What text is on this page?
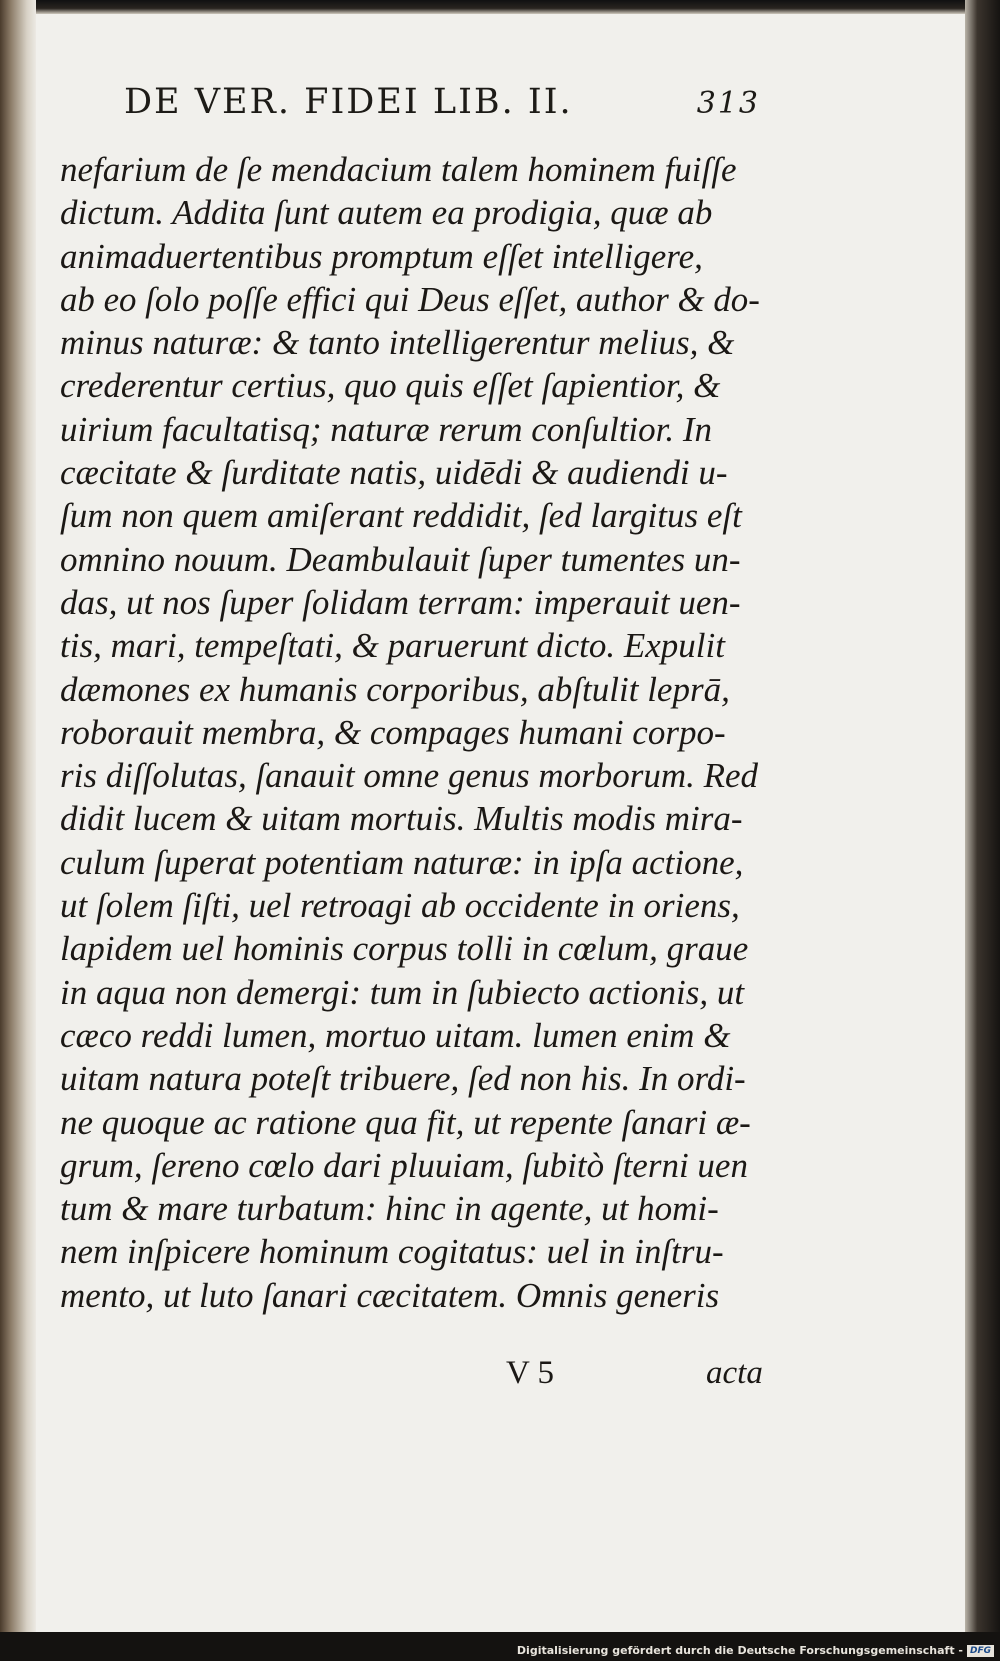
DE VER. FIDEI LIB. II.	313
nefarium de ſe mendacium talem hominem fuiſſe
dictum. Addita ſunt autem ea prodigia, quæ ab
animaduertentibus promptum eſſet intelligere,
ab eo ſolo poſſe effici qui Deus eſſet, author & do-
minus naturæ: & tanto intelligerentur melius, &
crederentur certius, quo quis eſſet ſapientior, &
uirium facultatisq; naturæ rerum conſultior. In
cæcitate & ſurditate natis, uidēdi & audiendi u-
ſum non quem amiſerant reddidit, ſed largitus eſt
omnino nouum. Deambulauit ſuper tumentes un-
das, ut nos ſuper ſolidam terram: imperauit uen-
tis, mari, tempeſtati, & paruerunt dicto. Expulit
dæmones ex humanis corporibus, abſtulit leprā,
roborauit membra, & compages humani corpo-
ris diſſolutas, ſanauit omne genus morborum. Red
didit lucem & uitam mortuis. Multis modis mira-
culum ſuperat potentiam naturæ: in ipſa actione,
ut ſolem ſiſti, uel retroagi ab occidente in oriens,
lapidem uel hominis corpus tolli in cœlum, graue
in aqua non demergi: tum in ſubiecto actionis, ut
cæco reddi lumen, mortuo uitam. lumen enim &
uitam natura poteſt tribuere, ſed non his. In ordi-
ne quoque ac ratione qua fit, ut repente ſanari æ-
grum, ſereno cœlo dari pluuiam, ſubitò ſterni uen
tum & mare turbatum: hinc in agente, ut homi-
nem inſpicere hominum cogitatus: uel in inſtru-
mento, ut luto ſanari cæcitatem. Omnis generis
V 5	acta
Digitalisierung gefördert durch die Deutsche Forschungsgemeinschaft - DFG
